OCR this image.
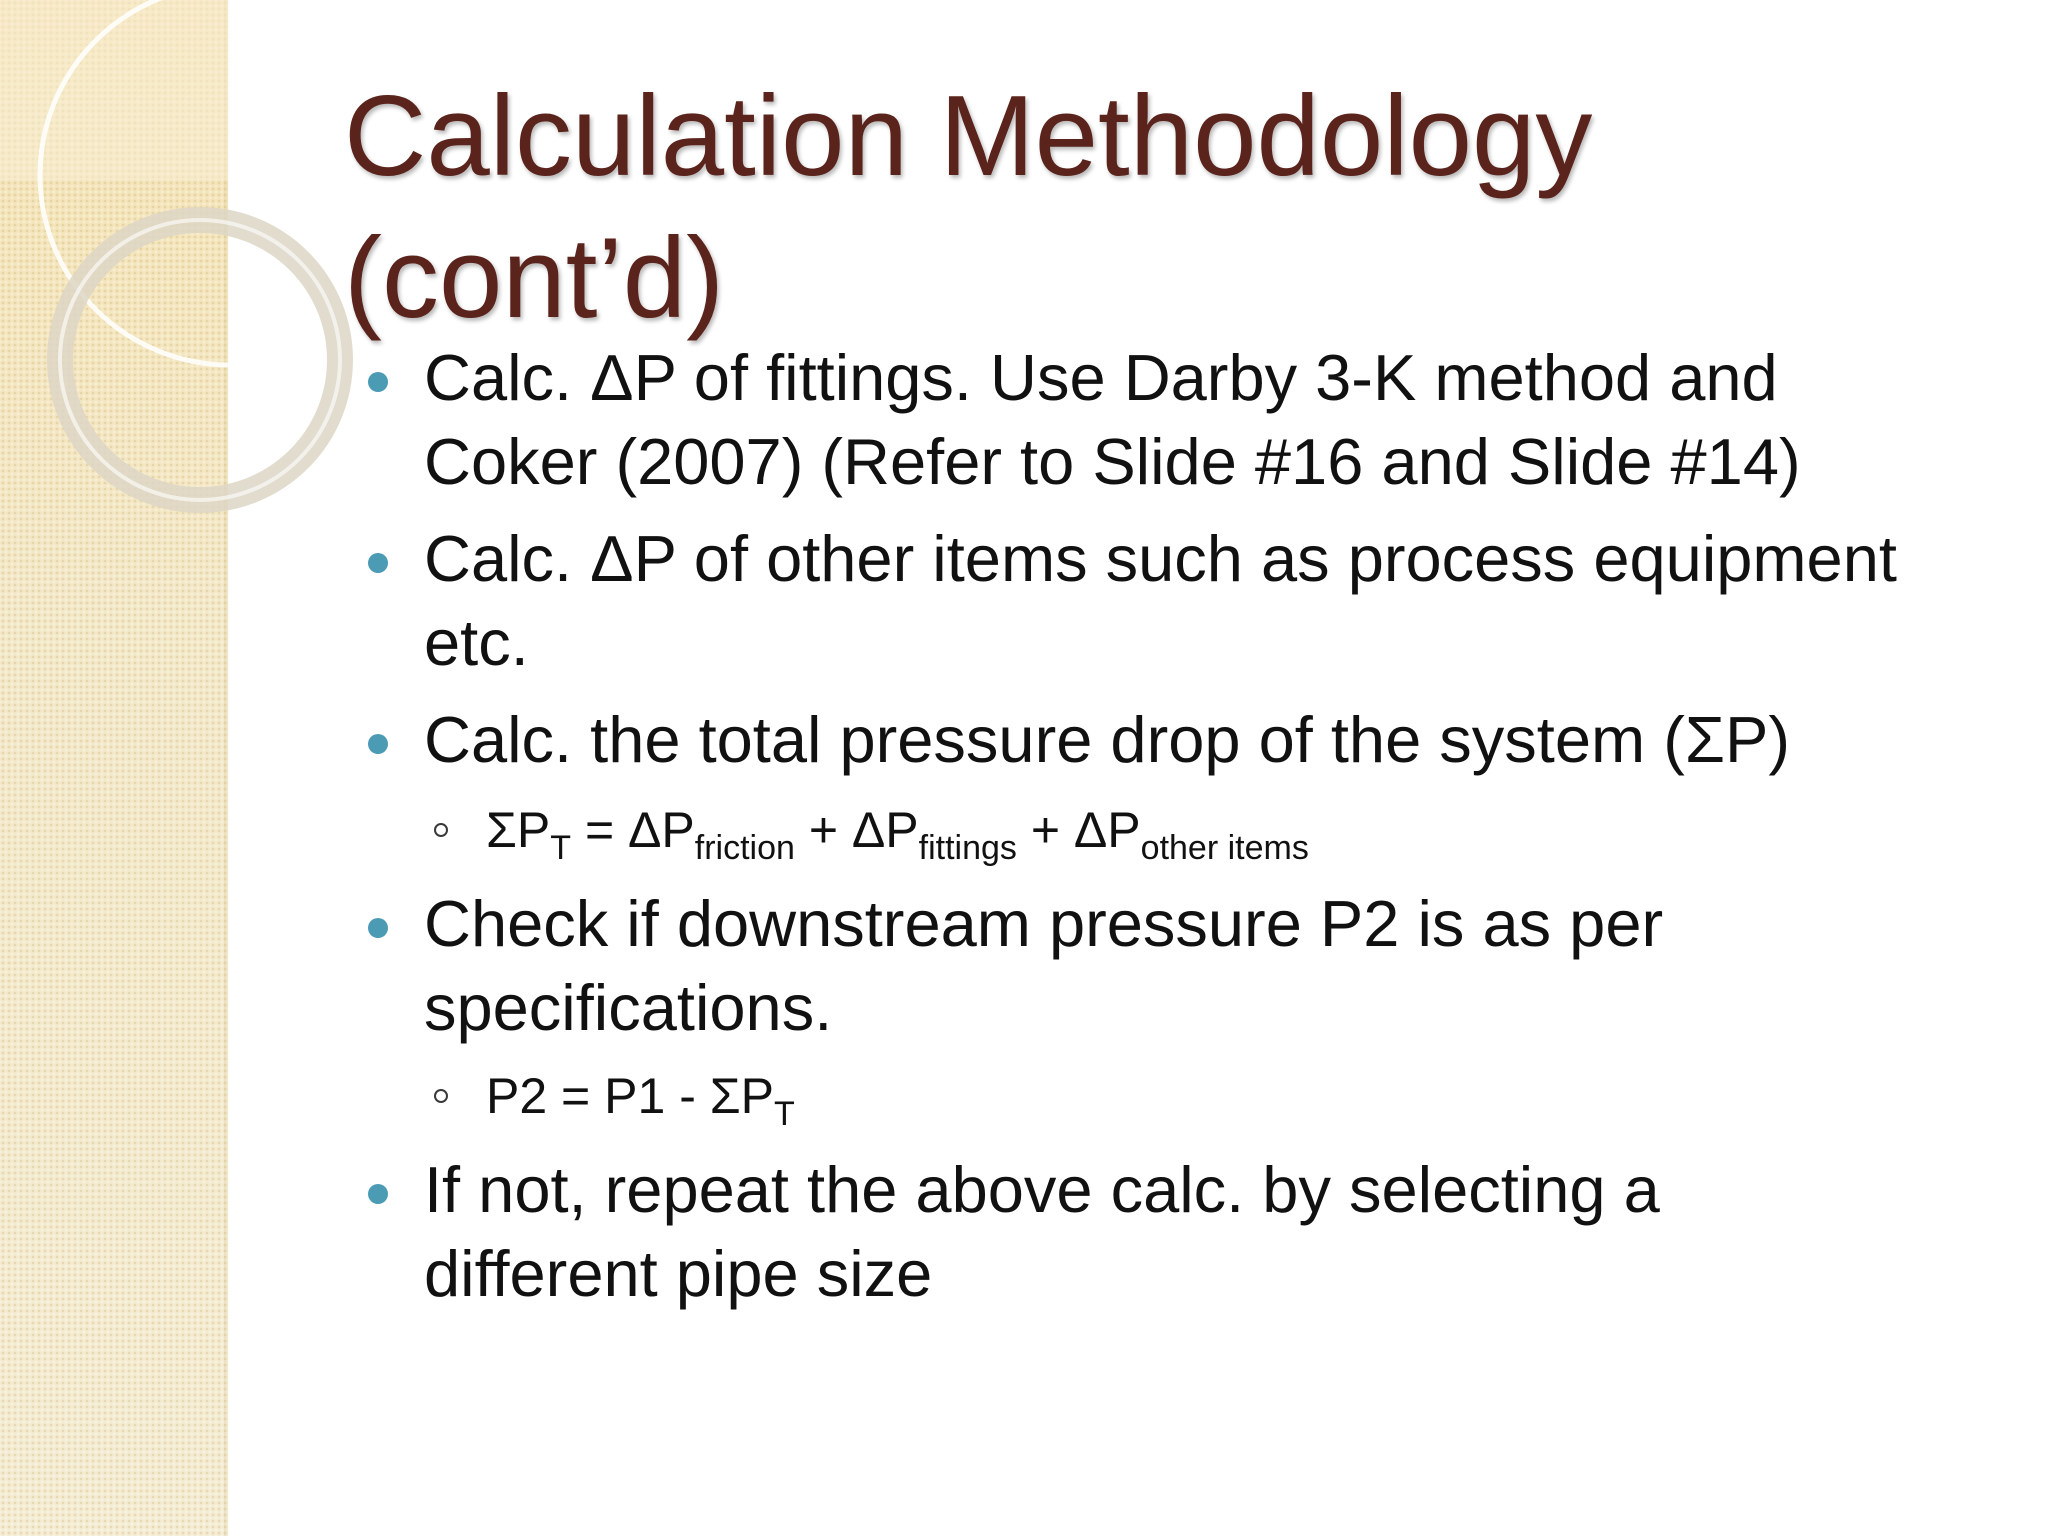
Calculation Methodology
(cont’d)
Calc. ΔP of fittings. Use Darby 3-K method and
Coker (2007) (Refer to Slide #16 and Slide #14)
Calc. ΔP of other items such as process equipment
etc.
Calc. the total pressure drop of the system (ΣP)
$\Sigma P_T = \Delta P_{friction} + \Delta P_{fittings} + \Delta P_{other items}$
Check if downstream pressure P2 is as per
specifications.
$P2 = P1 - \Sigma P_T$
If not, repeat the above calc. by selecting a
different pipe size
